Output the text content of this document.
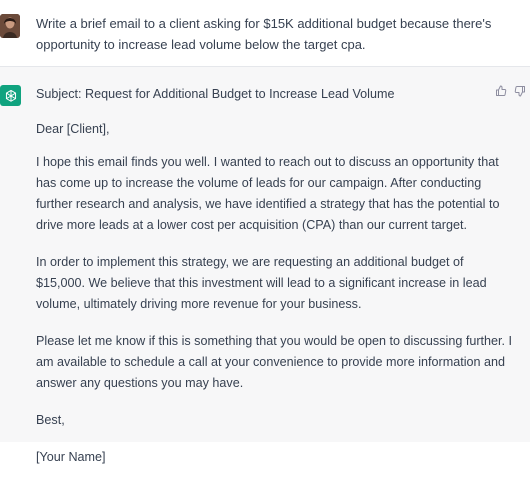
Write a brief email to a client asking for $15K additional budget because there's opportunity to increase lead volume below the target cpa.

Subject: Request for Additional Budget to Increase Lead Volume

Dear [Client],

I hope this email finds you well. I wanted to reach out to discuss an opportunity that has come up to increase the volume of leads for our campaign. After conducting further research and analysis, we have identified a strategy that has the potential to drive more leads at a lower cost per acquisition (CPA) than our current target.

In order to implement this strategy, we are requesting an additional budget of $15,000. We believe that this investment will lead to a significant increase in lead volume, ultimately driving more revenue for your business.

Please let me know if this is something that you would be open to discussing further. I am available to schedule a call at your convenience to provide more information and answer any questions you may have.

Best,

[Your Name]
